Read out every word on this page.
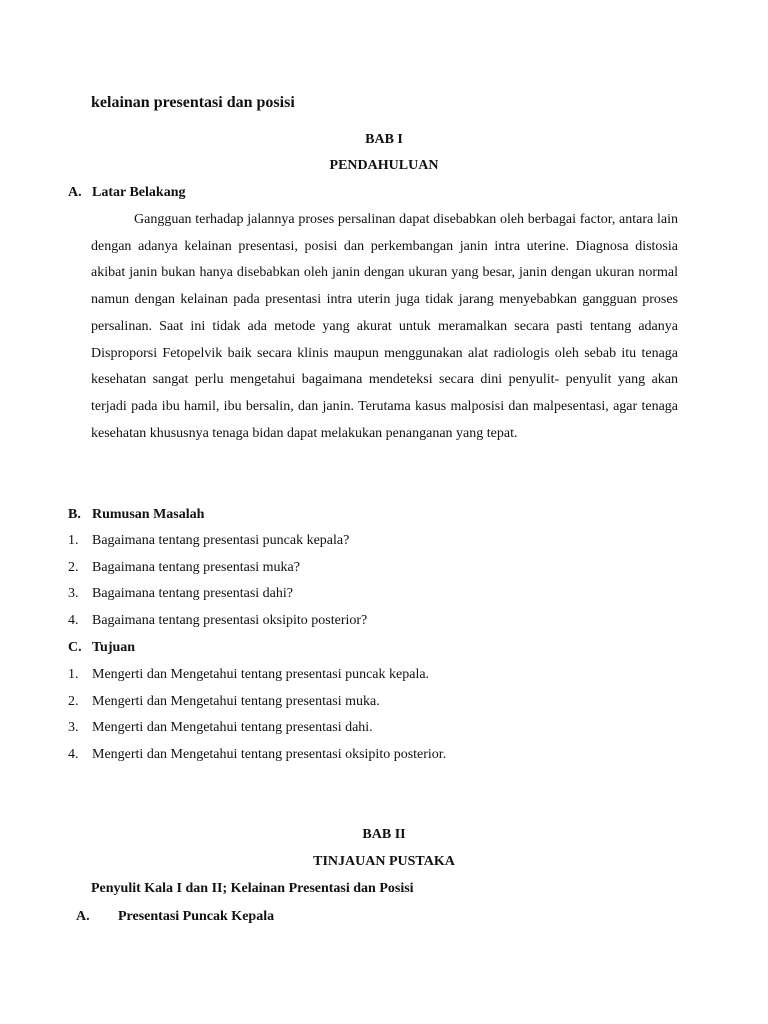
kelainan presentasi dan posisi
BAB I
PENDAHULUAN
A. Latar Belakang

Gangguan terhadap jalannya proses persalinan dapat disebabkan oleh berbagai factor, antara lain dengan adanya kelainan presentasi, posisi dan perkembangan janin intra uterine. Diagnosa distosia akibat janin bukan hanya disebabkan oleh janin dengan ukuran yang besar, janin dengan ukuran normal namun dengan kelainan pada presentasi intra uterin juga tidak jarang menyebabkan gangguan proses persalinan. Saat ini tidak ada metode yang akurat untuk meramalkan secara pasti tentang adanya Disproporsi Fetopelvik baik secara klinis maupun menggunakan alat radiologis oleh sebab itu tenaga kesehatan sangat perlu mengetahui bagaimana mendeteksi secara dini penyulit- penyulit yang akan terjadi pada ibu hamil, ibu bersalin, dan janin. Terutama kasus malposisi dan malpesentasi, agar tenaga kesehatan khususnya tenaga bidan dapat melakukan penanganan yang tepat.

B. Rumusan Masalah
1. Bagaimana tentang presentasi puncak kepala?
2. Bagaimana tentang presentasi muka?
3. Bagaimana tentang presentasi dahi?
4. Bagaimana tentang presentasi oksipito posterior?
C. Tujuan
1. Mengerti dan Mengetahui tentang presentasi puncak kepala.
2. Mengerti dan Mengetahui tentang presentasi muka.
3. Mengerti dan Mengetahui tentang presentasi dahi.
4. Mengerti dan Mengetahui tentang presentasi oksipito posterior.
BAB II
TINJAUAN PUSTAKA
Penyulit Kala I dan II; Kelainan Presentasi dan Posisi
A. Presentasi Puncak Kepala
